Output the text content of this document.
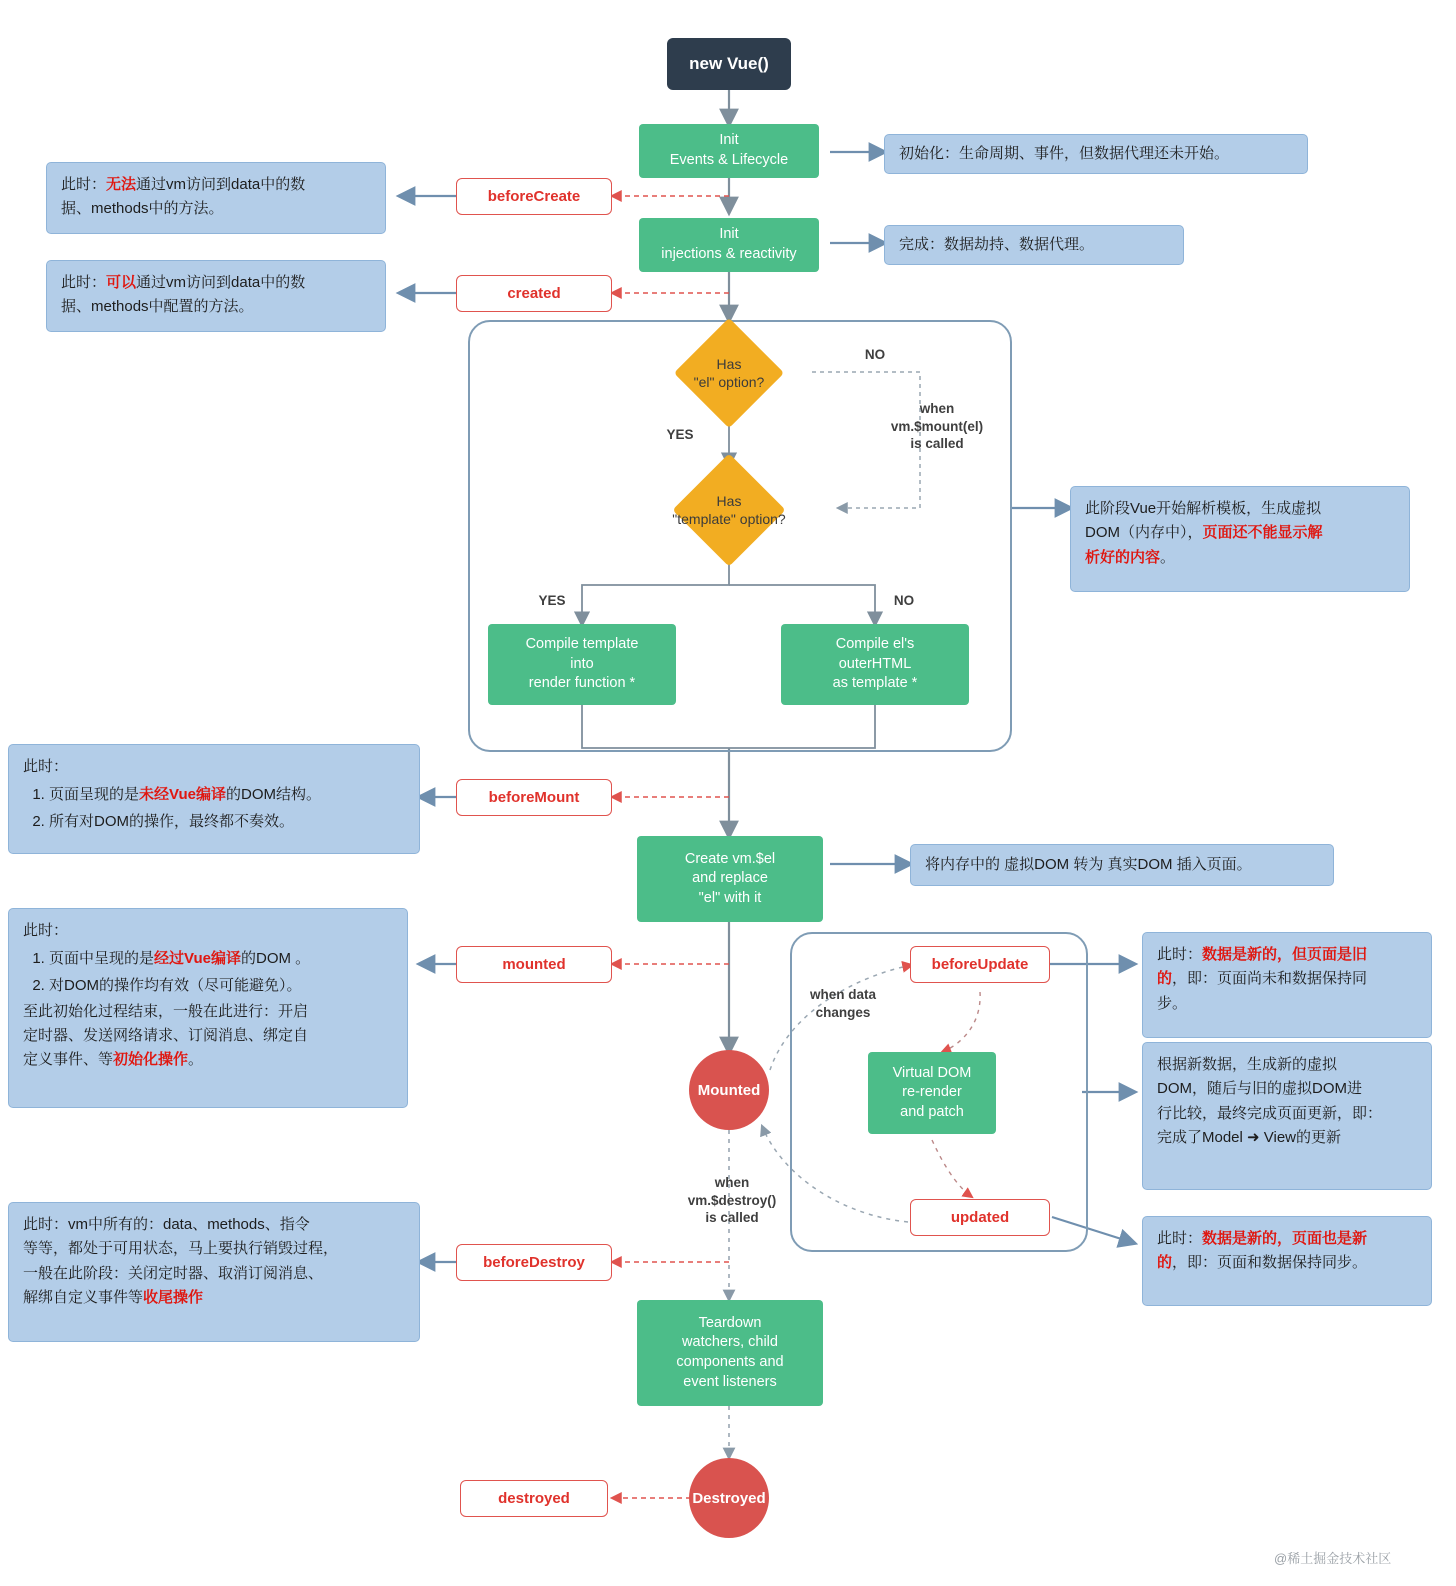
new Vue()
Init
Events & Lifecycle
Init
injections & reactivity
Has
"el" option?
Has
"template" option?
NO
YES
when
vm.$mount(el)
is called
YES	NO
Compile template
into
render function *
Compile el's
outerHTML
as template *
Create vm.$el
and replace
"el" with it
Mounted
when data
changes
Virtual DOM
re-render
and patch
when
vm.$destroy()
is called
Teardown
watchers, child
components and
event listeners
Destroyed
beforeCreate
created
beforeMount
mounted
beforeDestroy
destroyed
beforeUpdate
updated
初始化：生命周期、事件，但数据代理还未开始。
完成：数据劫持、数据代理。
此时：无法通过vm访问到data中的数
据、methods中的方法。
此时：可以通过vm访问到data中的数
据、methods中配置的方法。
此阶段Vue开始解析模板，生成虚拟
DOM（内存中），页面还不能显示解
析好的内容。
此时：
1. 页面呈现的是未经Vue编译的DOM结构。
2. 所有对DOM的操作，最终都不奏效。
将内存中的 虚拟DOM 转为 真实DOM 插入页面。
此时：
1. 页面中呈现的是经过Vue编译的DOM 。
2. 对DOM的操作均有效（尽可能避免）。
至此初始化过程结束，一般在此进行：开启
定时器、发送网络请求、订阅消息、绑定自
定义事件、等初始化操作。
此时：数据是新的，但页面是旧
的，即：页面尚未和数据保持同
步。
根据新数据，生成新的虚拟
DOM，随后与旧的虚拟DOM进
行比较，最终完成页面更新，即：
完成了Model ➜ View的更新
此时：数据是新的，页面也是新
的，即：页面和数据保持同步。
此时：vm中所有的：data、methods、指令
等等，都处于可用状态，马上要执行销毁过程，
一般在此阶段：关闭定时器、取消订阅消息、
解绑自定义事件等收尾操作
@稀土掘金技术社区
